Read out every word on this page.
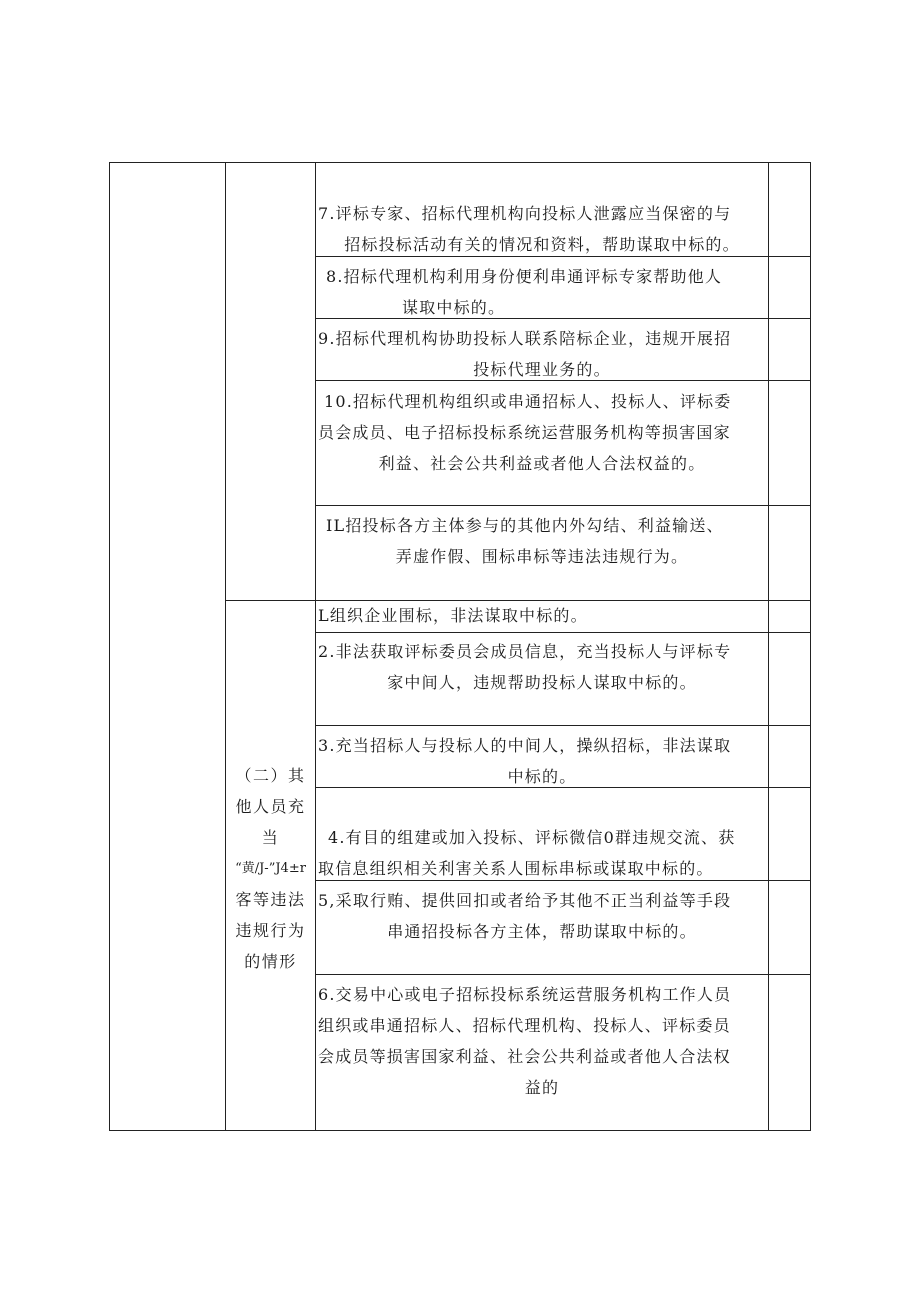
（二）其
他人员充
当
“黄/J-”J4±r
客等违法
违规行为
的情形
7.评标专家、招标代理机构向投标人泄露应当保密的与
招标投标活动有关的情况和资料，帮助谋取中标的。
8.招标代理机构利用身份便利串通评标专家帮助他人
谋取中标的。
9.招标代理机构协助投标人联系陪标企业，违规开展招
投标代理业务的。
10.招标代理机构组织或串通招标人、投标人、评标委
员会成员、电子招标投标系统运营服务机构等损害国家
利益、社会公共利益或者他人合法权益的。
IL招投标各方主体参与的其他内外勾结、利益输送、
弄虚作假、围标串标等违法违规行为。
L组织企业围标，非法谋取中标的。
2.非法获取评标委员会成员信息，充当投标人与评标专
家中间人，违规帮助投标人谋取中标的。
3.充当招标人与投标人的中间人，操纵招标，非法谋取
中标的。
4.有目的组建或加入投标、评标微信0群违规交流、获
取信息组织相关利害关系人围标串标或谋取中标的。
5,采取行贿、提供回扣或者给予其他不正当利益等手段
串通招投标各方主体，帮助谋取中标的。
6.交易中心或电子招标投标系统运营服务机构工作人员
组织或串通招标人、招标代理机构、投标人、评标委员
会成员等损害国家利益、社会公共利益或者他人合法权
益的
